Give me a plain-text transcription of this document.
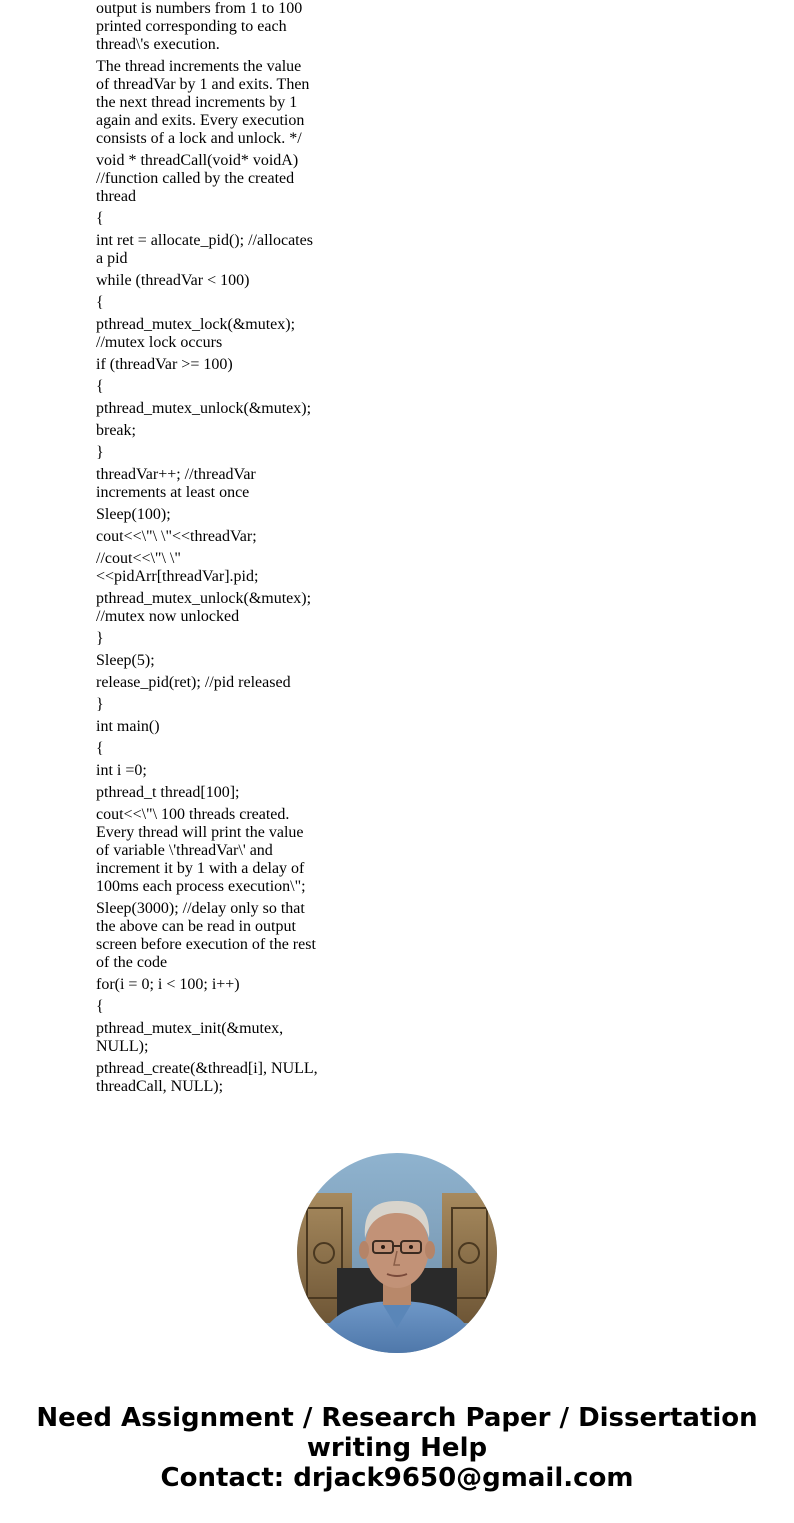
output is numbers from 1 to 100 printed corresponding to each thread\'s execution.

The thread increments the value of threadVar by 1 and exits. Then the next thread increments by 1 again and exits. Every execution consists of a lock and unlock. */

void * threadCall(void* voidA) //function called by the created thread

{

int ret = allocate_pid(); //allocates a pid

while (threadVar < 100)

{

pthread_mutex_lock(&mutex); //mutex lock occurs

if (threadVar >= 100)

{

pthread_mutex_unlock(&mutex);

break;

}

threadVar++; //threadVar increments at least once

Sleep(100);

cout<<\"\ \"<<threadVar;

//cout<<\"\ \" <<pidArr[threadVar].pid;

pthread_mutex_unlock(&mutex); //mutex now unlocked

}

Sleep(5);

release_pid(ret); //pid released

}

int main()

{

int i =0;

pthread_t thread[100];

cout<<\"\ 100 threads created. Every thread will print the value of variable \'threadVar\' and increment it by 1 with a delay of 100ms each process execution\";

Sleep(3000); //delay only so that the above can be read in output screen before execution of the rest of the code

for(i = 0; i < 100; i++)

{

pthread_mutex_init(&mutex, NULL);

pthread_create(&thread[i], NULL, threadCall, NULL);

Need Assignment / Research Paper / Dissertation
writing Help
Contact: drjack9650@gmail.com
